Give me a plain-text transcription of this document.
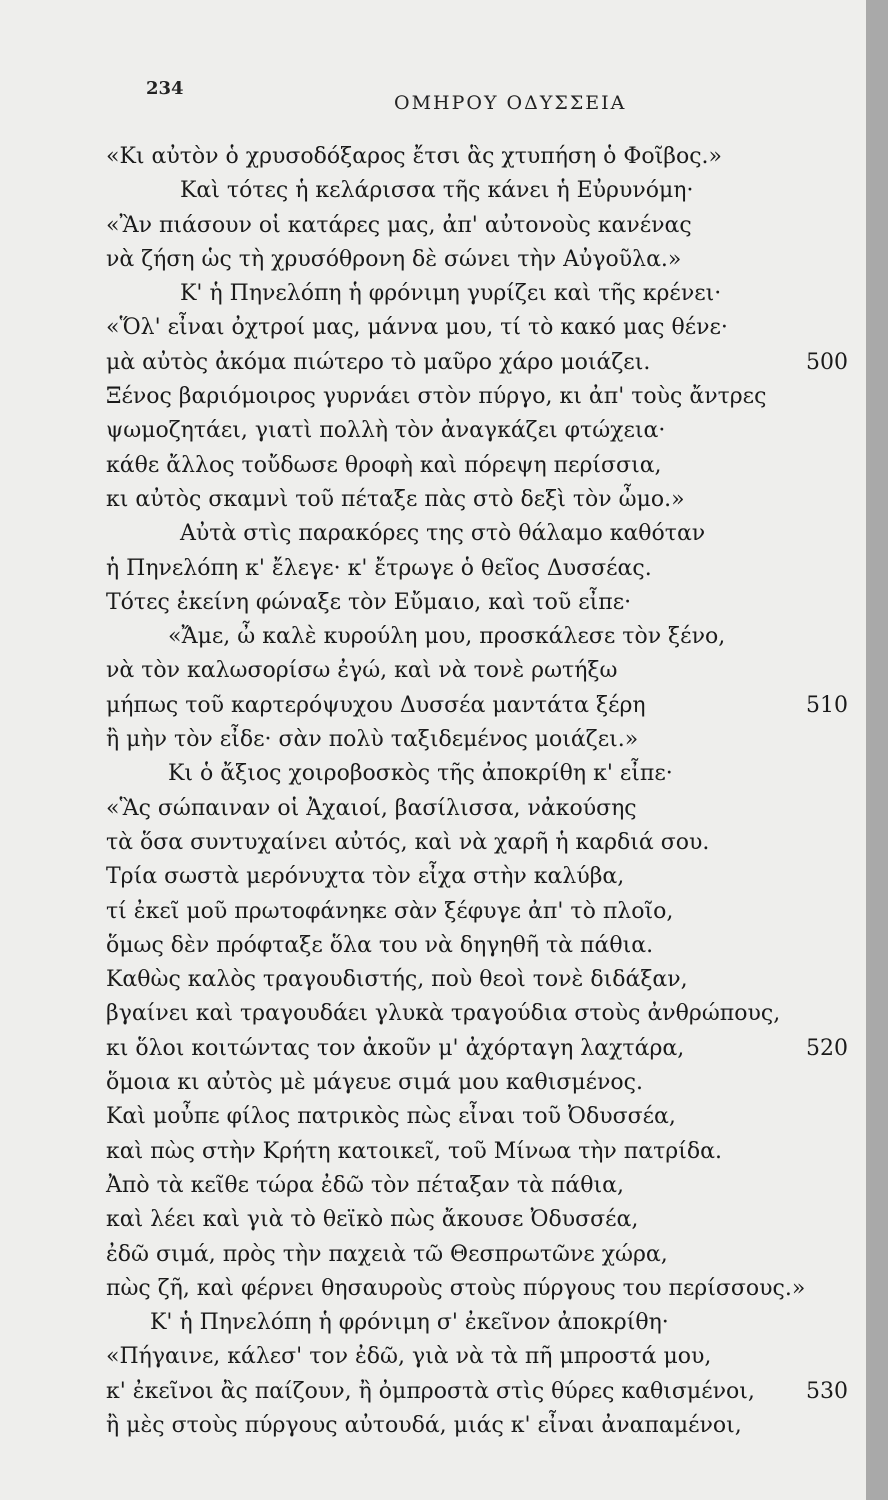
234
ΟΜΗΡΟΥ ΟΔΥΣΣΕΙΑ
«Κι αὐτὸν ὁ χρυσοδόξαρος ἔτσι ἃς χτυπήση ὁ Φοῖβος.»
Καὶ τότες ἡ κελάρισσα τῆς κάνει ἡ Εὐρυνόμη·
«Ἂν πιάσουν οἱ κατάρες μας, ἀπ' αὐτονοὺς κανένας
νὰ ζήση ὡς τὴ χρυσόθρονη δὲ σώνει τὴν Αὐγοῦλα.»
Κ' ἡ Πηνελόπη ἡ φρόνιμη γυρίζει καὶ τῆς κρένει·
«Ὅλ' εἶναι ὀχτροί μας, μάννα μου, τί τὸ κακό μας θένε·
μὰ αὐτὸς ἀκόμα πιώτερο τὸ μαῦρο χάρο μοιάζει.	500
Ξένος βαριόμοιρος γυρνάει στὸν πύργο, κι ἀπ' τοὺς ἄντρες
ψωμοζητάει, γιατὶ πολλὴ τὸν ἀναγκάζει φτώχεια·
κάθε ἄλλος τοὔδωσε θροφὴ καὶ πόρεψη περίσσια,
κι αὐτὸς σκαμνὶ τοῦ πέταξε πὰς στὸ δεξὶ τὸν ὦμο.»
Αὐτὰ στὶς παρακόρες της στὸ θάλαμο καθόταν
ἡ Πηνελόπη κ' ἔλεγε· κ' ἔτρωγε ὁ θεῖος Δυσσέας.
Τότες ἐκείνη φώναξε τὸν Εὔμαιο, καὶ τοῦ εἶπε·
«Ἄμε, ὦ καλὲ κυρούλη μου, προσκάλεσε τὸν ξένο,
νὰ τὸν καλωσορίσω ἐγώ, καὶ νὰ τονὲ ρωτήξω
μήπως τοῦ καρτερόψυχου Δυσσέα μαντάτα ξέρη	510
ἢ μὴν τὸν εἶδε· σὰν πολὺ ταξιδεμένος μοιάζει.»
Κι ὁ ἄξιος χοιροβοσκὸς τῆς ἀποκρίθη κ' εἶπε·
«Ἃς σώπαιναν οἱ Ἀχαιοί, βασίλισσα, νἀκούσης
τὰ ὅσα συντυχαίνει αὐτός, καὶ νὰ χαρῆ ἡ καρδιά σου.
Τρία σωστὰ μερόνυχτα τὸν εἶχα στὴν καλύβα,
τί ἐκεῖ μοῦ πρωτοφάνηκε σὰν ξέφυγε ἀπ' τὸ πλοῖο,
ὅμως δὲν πρόφταξε ὅλα του νὰ δηγηθῆ τὰ πάθια.
Καθὼς καλὸς τραγουδιστής, ποὺ θεοὶ τονὲ διδάξαν,
βγαίνει καὶ τραγουδάει γλυκὰ τραγούδια στοὺς ἀνθρώπους,
κι ὅλοι κοιτώντας τον ἀκοῦν μ' ἀχόρταγη λαχτάρα,	520
ὅμοια κι αὐτὸς μὲ μάγευε σιμά μου καθισμένος.
Καὶ μοὖπε φίλος πατρικὸς πὼς εἶναι τοῦ Ὀδυσσέα,
καὶ πὼς στὴν Κρήτη κατοικεῖ, τοῦ Μίνωα τὴν πατρίδα.
Ἀπὸ τὰ κεῖθε τώρα ἐδῶ τὸν πέταξαν τὰ πάθια,
καὶ λέει καὶ γιὰ τὸ θεϊκὸ πὼς ἄκουσε Ὀδυσσέα,
ἐδῶ σιμά, πρὸς τὴν παχειὰ τῶ Θεσπρωτῶνε χώρα,
πὼς ζῆ, καὶ φέρνει θησαυροὺς στοὺς πύργους του περίσσους.»
Κ' ἡ Πηνελόπη ἡ φρόνιμη σ' ἐκεῖνον ἀποκρίθη·
«Πήγαινε, κάλεσ' τον ἐδῶ, γιὰ νὰ τὰ πῆ μπροστά μου,
κ' ἐκεῖνοι ἂς παίζουν, ἢ ὀμπροστὰ στὶς θύρες καθισμένοι, 530
ἢ μὲς στοὺς πύργους αὐτουδά, μιάς κ' εἶναι ἀναπαμένοι,
